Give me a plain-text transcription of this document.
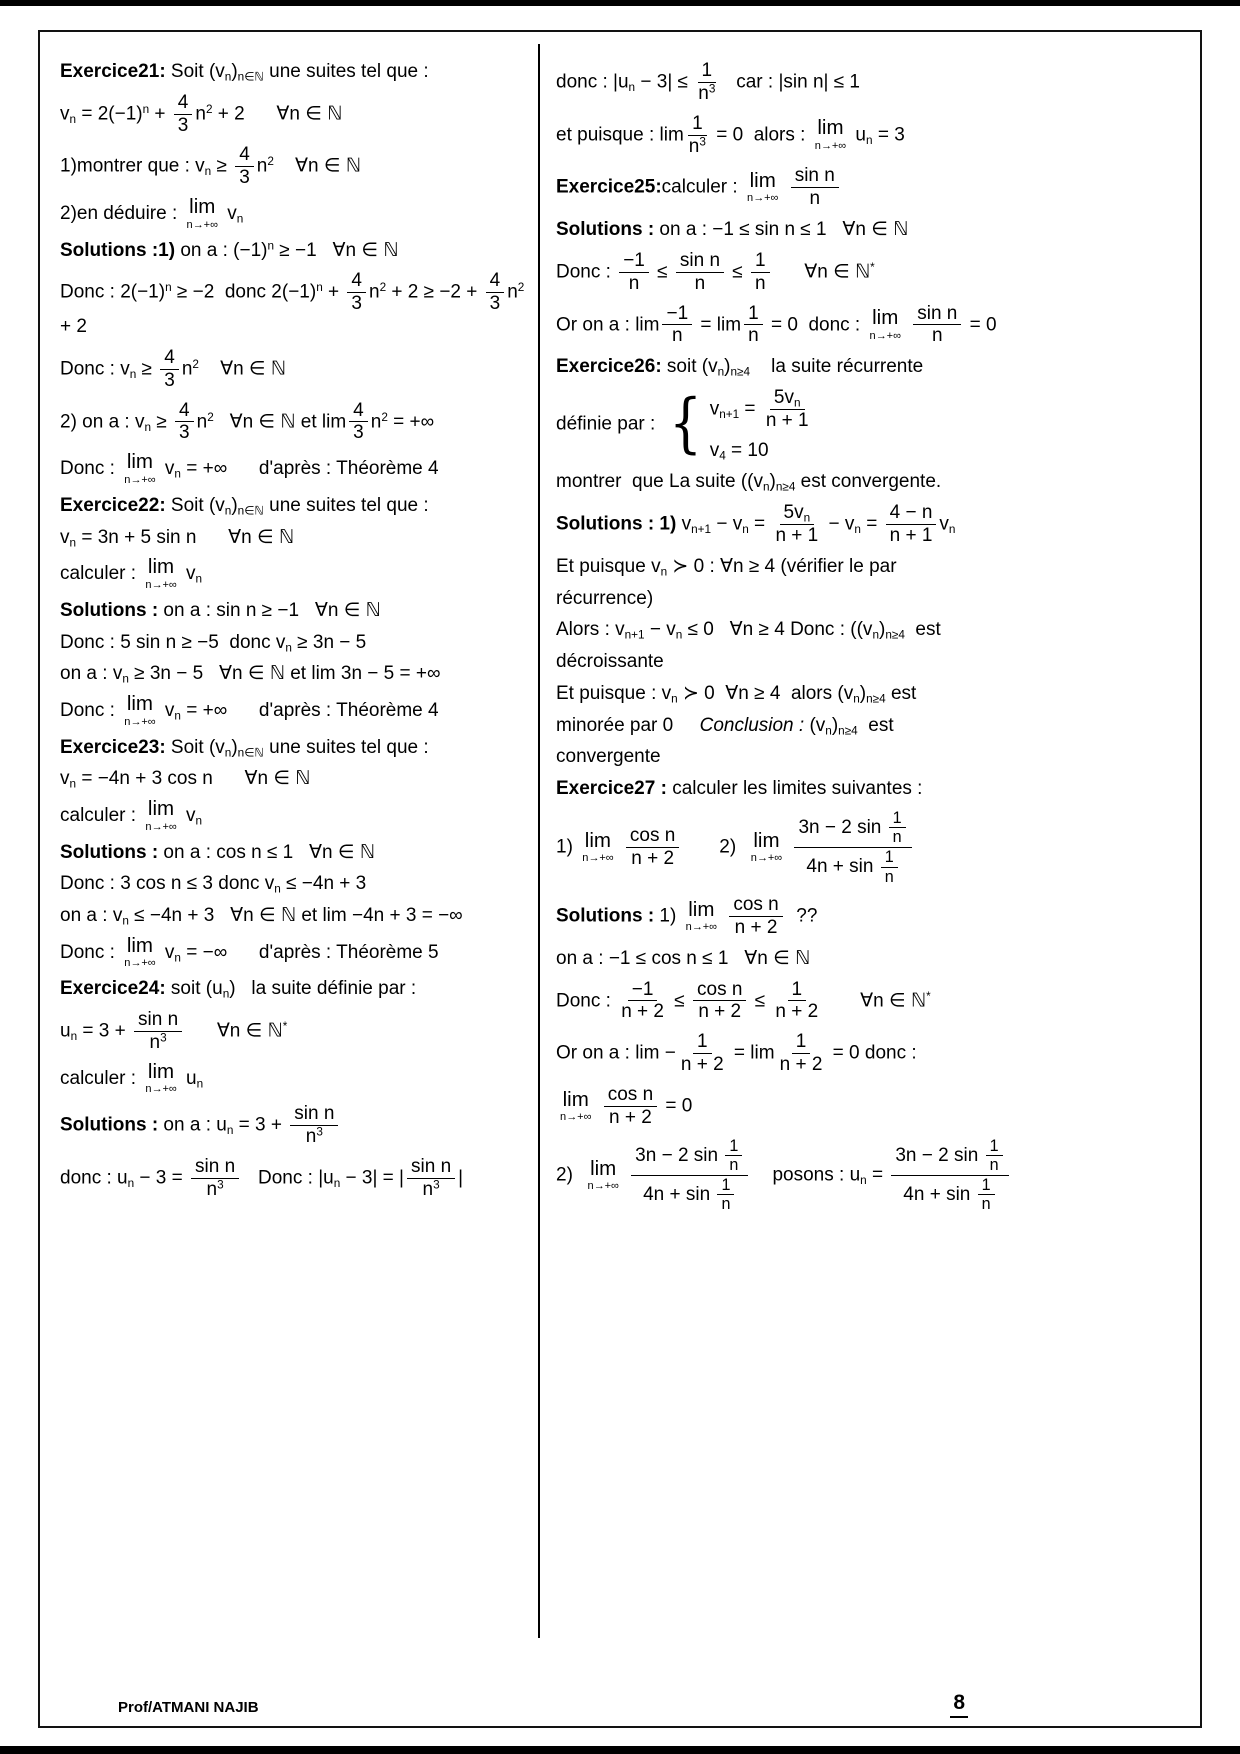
Exercice21: Soit $(v_n)_{n\in ℕ}$ une suites tel que :
$v_n = 2(-1)^n + \frac{4}{3} n^2 + 2$      ∀n ∈ ℕ
1)montrer que : $v_n \ge \frac{4}{3} n^2$    ∀n ∈ ℕ
2)en déduire : lim
n→+∞
$v_n$
Solutions :1) on a : $(-1)^n \ge -1$   ∀n ∈ ℕ
Donc : $2(-1)^n \ge -2$  donc $2(-1)^n + \frac{4}{3} n^2 + 2 \ge -2 + \frac{4}{3} n^2 + 2$
Donc : $v_n \ge \frac{4}{3} n^2$    ∀n ∈ ℕ
2) on a : $v_n \ge \frac{4}{3} n^2$   ∀n ∈ ℕ et $\lim \frac{4}{3} n^2$ = +∞
Donc : lim
n→+∞
$v_n$ = +∞      d'après : Théorème 4
Exercice22: Soit $(v_n)_{n\in ℕ}$ une suites tel que :
$v_n = 3n + 5$ sin n      ∀n ∈ ℕ
calculer : lim
n→+∞
$v_n$
Solutions : on a : sin n ≥ −1   ∀n ∈ ℕ
Donc : 5 sin n ≥ −5  donc $v_n \ge 3n - 5$
on a : $v_n \ge 3n - 5$   ∀n ∈ ℕ et lim 3n − 5 = +∞
Donc : lim
n→+∞
$v_n$ = +∞      d'après : Théorème 4
Exercice23: Soit $(v_n)_{n\in ℕ}$ une suites tel que :
$v_n = -4n + 3$ cos n      ∀n ∈ ℕ
calculer : lim
n→+∞
$v_n$
Solutions : on a : cos n ≤ 1   ∀n ∈ ℕ
Donc : 3 cos n ≤ 3 donc $v_n \le -4n + 3$
on a : $v_n \le -4n + 3$   ∀n ∈ ℕ et lim −4n + 3 = −∞
Donc : lim
n→+∞
$v_n$ = −∞      d'après : Théorème 5
Exercice24: soit $(u_n)$   la suite définie par :
$u_n = 3 + \frac{\text{sin n}}{n^3}$ ∀n ∈ ℕ*
calculer : lim
n→+∞
$u_n$
Solutions : on a : $u_n = 3 + \frac{\text{sin n}}{n^3}$
donc : $u_n - 3 = \frac{\text{sin n}}{n^3}$ Donc : $|u_n - 3|$ = | $\frac{\text{sin n}}{n^3}$ |
donc : $|u_n - 3| \le \frac{1}{n^3}$ car : |sin n| ≤ 1
et puisque : $\lim \frac{1}{n^3} = 0$  alors : lim
n→+∞
$u_n = 3$
Exercice25:calculer : lim
n→+∞
$\frac{\text{sin n}}{n}$
Solutions : on a : −1 ≤ sin n ≤ 1   ∀n ∈ ℕ
Donc : $\frac{-1}{n} \le \frac{\text{sin n}}{n} \le \frac{1}{n}$ ∀n ∈ ℕ*
Or on a : $\lim \frac{-1}{n} = \lim \frac{1}{n} = 0$  donc : lim
n→+∞
$\frac{\text{sin n}}{n} = 0$
Exercice26: soit $(v_n)_{n\ge 4}$    la suite récurrente
définie par : { $v_{n+1} = \frac{5v_n}{n + 1}$
$v_4 = 10$
montrer  que La suite ($(v_n)_{n\ge 4}$ est convergente.
Solutions : 1) $v_{n+1} - v_n = \frac{5v_n}{n + 1} - v_n = \frac{4 - n}{n + 1} v_n$
Et puisque $v_n$ ≻ 0 : ∀n ≥ 4 (vérifier le par
récurrence)
Alors : $v_{n+1} - v_n \le 0$   ∀n ≥ 4 Donc : ($(v_n)_{n\ge 4}$  est
décroissante
Et puisque : $v_n$ ≻ 0  ∀n ≥ 4  alors $(v_n)_{n\ge 4}$ est
minorée par 0     Conclusion : $(v_n)_{n\ge 4}$  est
convergente
Exercice27 : calculer les limites suivantes :
1) lim
n→+∞
$\frac{\text{cos n}}{n + 2} 2$) lim
n→+∞
$\frac{3n - 2 \sin \frac{1}{n}}{4n + \sin \frac{1}{n}}$
Solutions : 1) lim
n→+∞
$\frac{\text{cos n}}{n + 2}$ ??
on a : −1 ≤ cos n ≤ 1   ∀n ∈ ℕ
Donc : $\frac{-1}{n + 2} \le \frac{\text{cos n}}{n + 2} \le \frac{1}{n + 2}$ ∀n ∈ ℕ*
Or on a : $\lim - \frac{1}{n + 2} = \lim \frac{1}{n + 2} = 0$ donc :
lim
n→+∞
$\frac{\text{cos n}}{n + 2} = 0$
2) lim
n→+∞
$\frac{3n - 2 \sin \frac{1}{n}}{4n + \sin \frac{1}{n}}$ posons : $u_n = \frac{3n - 2 \sin \frac{1}{n}}{4n + \sin \frac{1}{n}}$
Prof/ATMANI NAJIB	8
